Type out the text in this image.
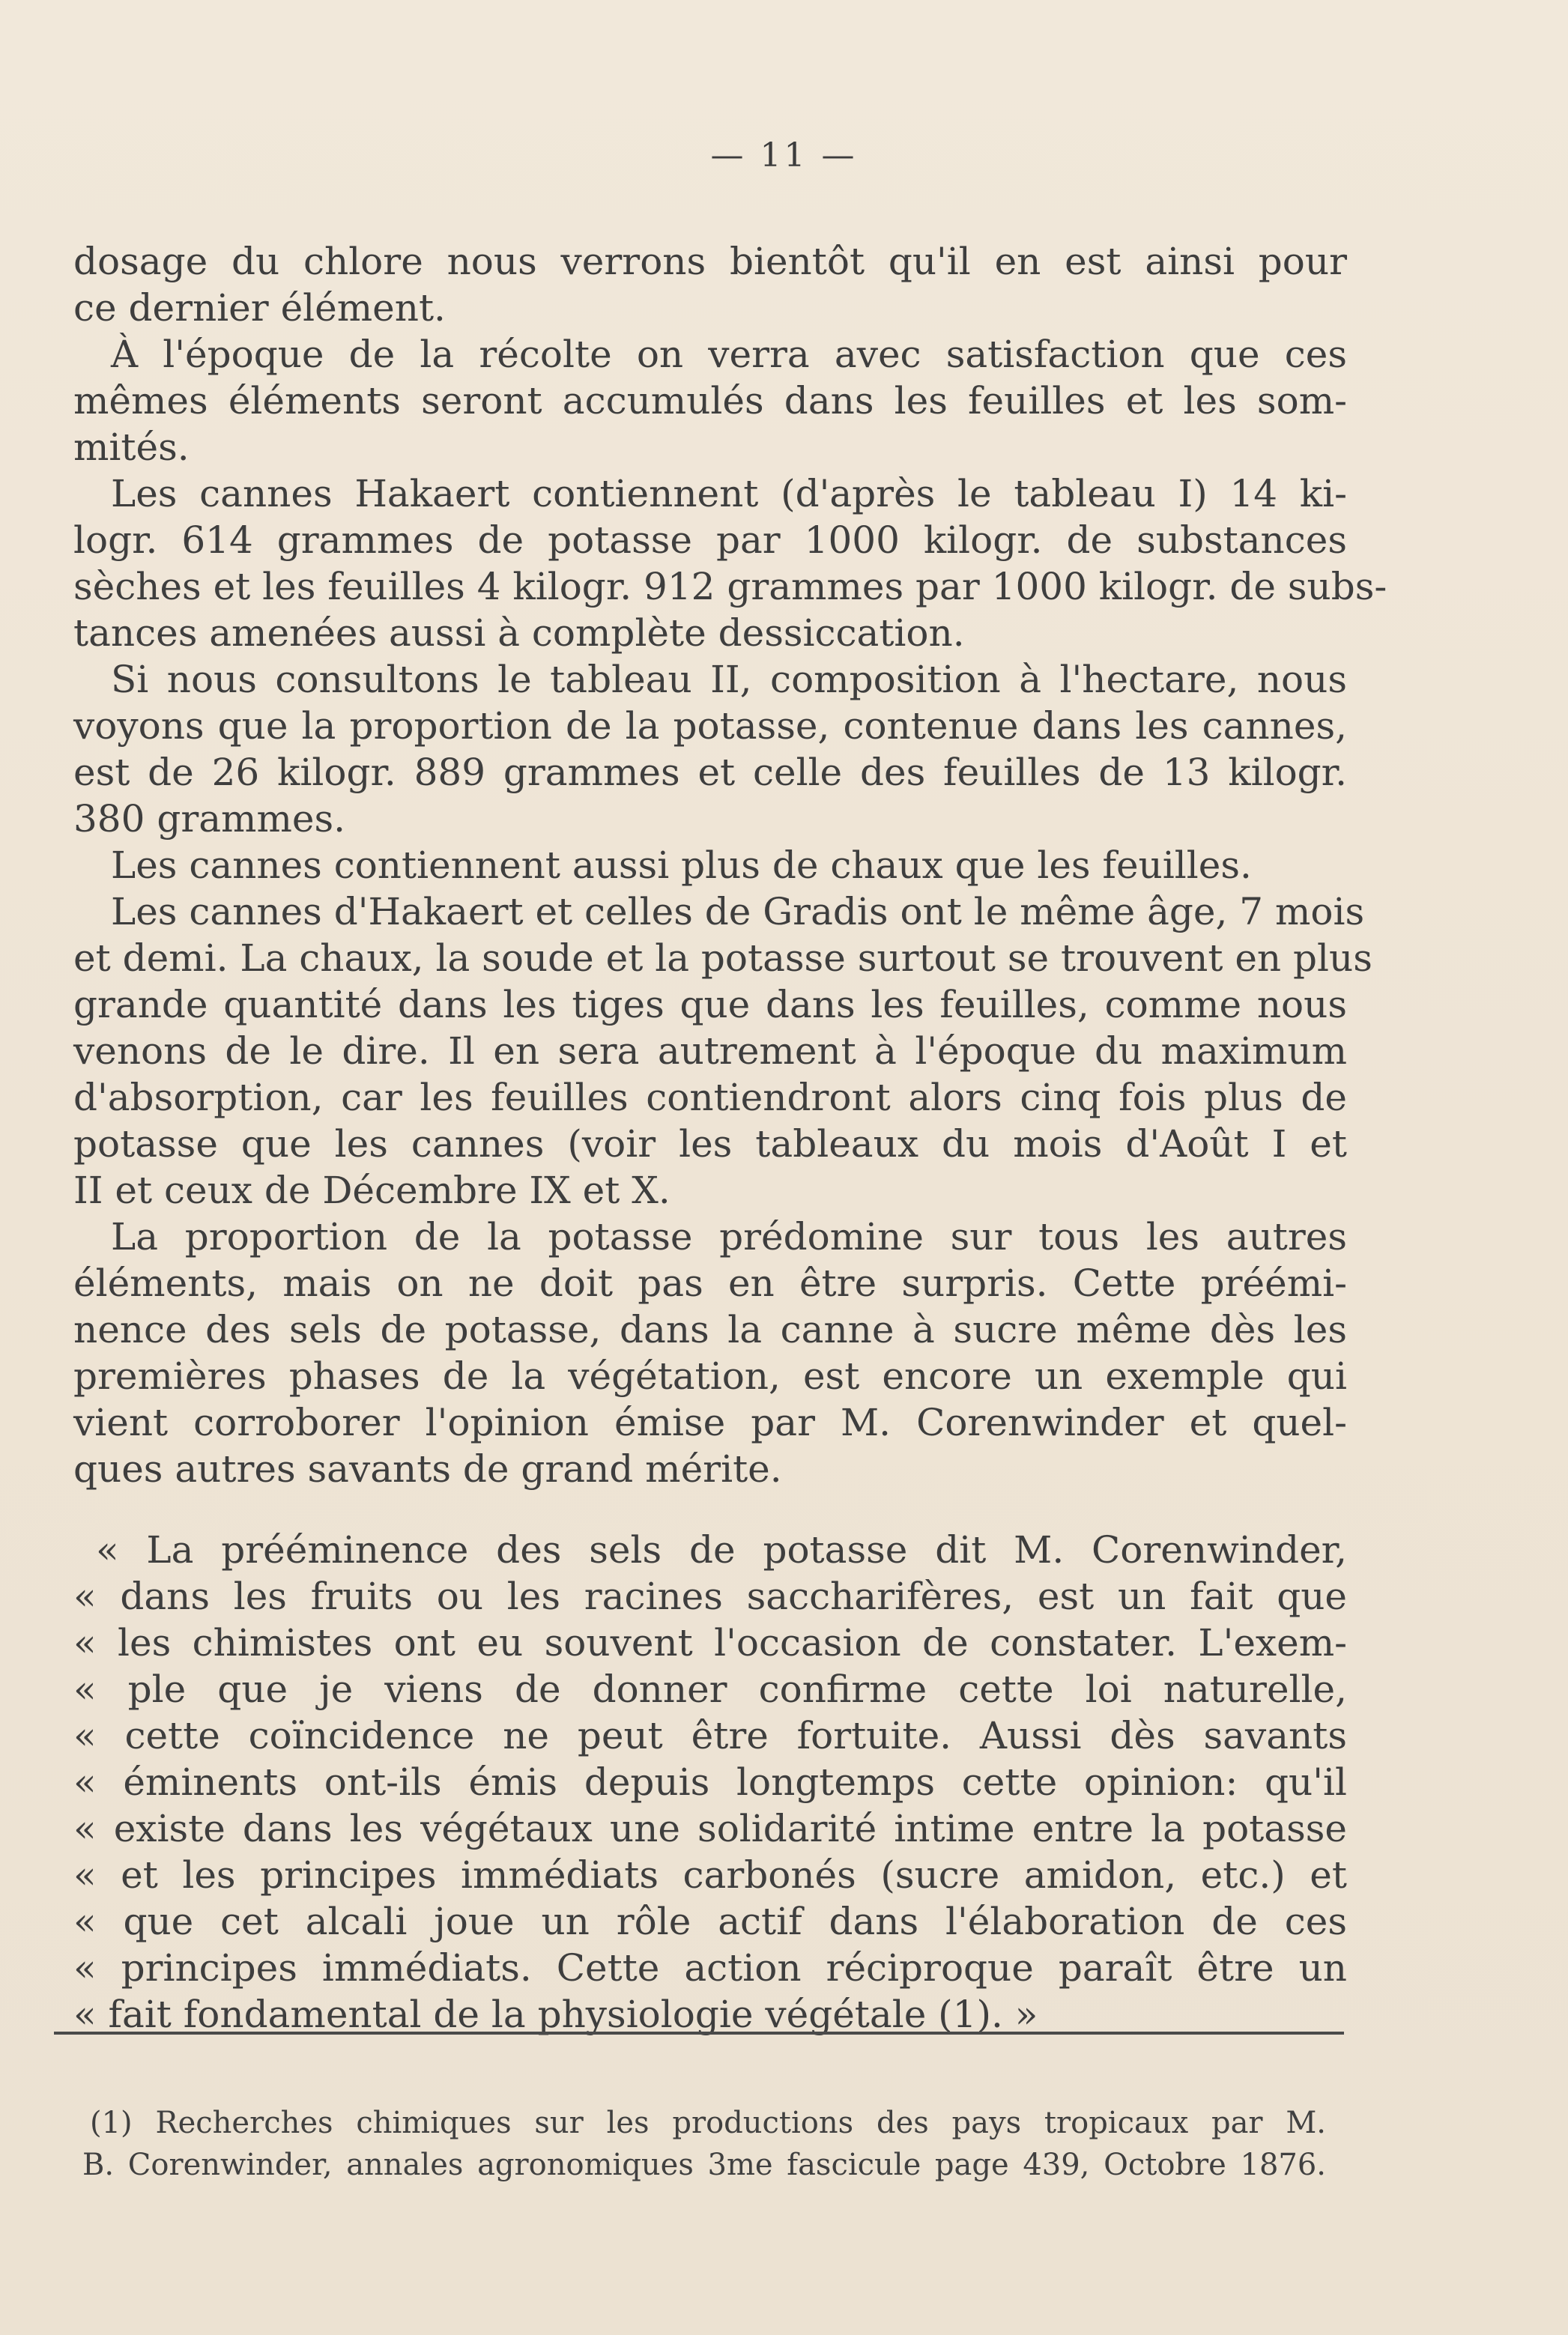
— 11 —
dosage du chlore nous verrons bientôt qu'il en est ainsi pour
ce dernier élément.
À l'époque de la récolte on verra avec satisfaction que ces
mêmes éléments seront accumulés dans les feuilles et les som-
mités.
Les cannes Hakaert contiennent (d'après le tableau I) 14 ki-
logr. 614 grammes de potasse par 1000 kilogr. de substances
sèches et les feuilles 4 kilogr. 912 grammes par 1000 kilogr. de subs-
tances amenées aussi à complète dessiccation.
Si nous consultons le tableau II, composition à l'hectare, nous
voyons que la proportion de la potasse, contenue dans les cannes,
est de 26 kilogr. 889 grammes et celle des feuilles de 13 kilogr.
380 grammes.
Les cannes contiennent aussi plus de chaux que les feuilles.
Les cannes d'Hakaert et celles de Gradis ont le même âge, 7 mois
et demi. La chaux, la soude et la potasse surtout se trouvent en plus
grande quantité dans les tiges que dans les feuilles, comme nous
venons de le dire. Il en sera autrement à l'époque du maximum
d'absorption, car les feuilles contiendront alors cinq fois plus de
potasse que les cannes (voir les tableaux du mois d'Août I et
II et ceux de Décembre IX et X.
La proportion de la potasse prédomine sur tous les autres
éléments, mais on ne doit pas en être surpris. Cette préémi-
nence des sels de potasse, dans la canne à sucre même dès les
premières phases de la végétation, est encore un exemple qui
vient corroborer l'opinion émise par M. Corenwinder et quel-
ques autres savants de grand mérite.
« La prééminence des sels de potasse dit M. Corenwinder,
« dans les fruits ou les racines saccharifères, est un fait que
« les chimistes ont eu souvent l'occasion de constater. L'exem-
« ple que je viens de donner confirme cette loi naturelle,
« cette coïncidence ne peut être fortuite. Aussi dès savants
« éminents ont-ils émis depuis longtemps cette opinion: qu'il
« existe dans les végétaux une solidarité intime entre la potasse
« et les principes immédiats carbonés (sucre amidon, etc.) et
« que cet alcali joue un rôle actif dans l'élaboration de ces
« principes immédiats. Cette action réciproque paraît être un
« fait fondamental de la physiologie végétale (1). »
(1) Recherches chimiques sur les productions des pays tropicaux par M.
B. Corenwinder, annales agronomiques 3me fascicule page 439, Octobre 1876.
